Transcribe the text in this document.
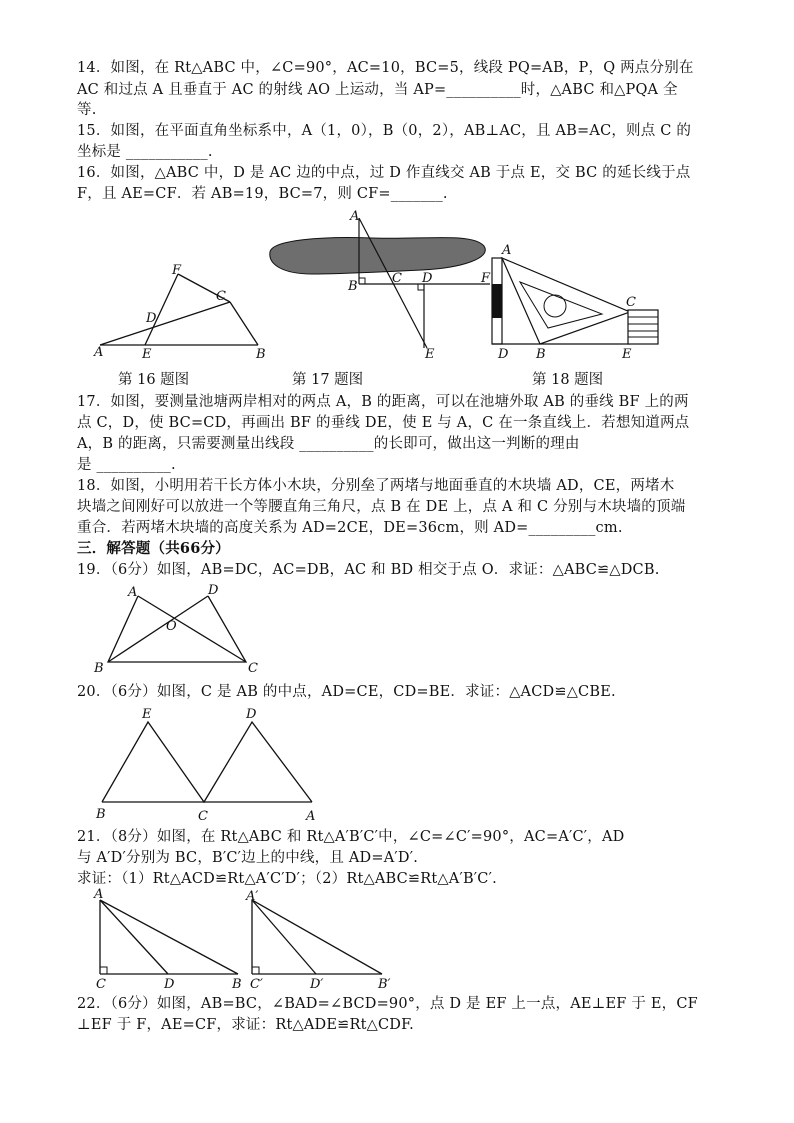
14．如图，在 Rt△ABC 中，∠C=90°，AC=10，BC=5，线段 PQ=AB，P，Q 两点分别在
AC 和过点 A 且垂直于 AC 的射线 AO 上运动，当 AP=__________时，△ABC 和△PQA 全
等.
15．如图，在平面直角坐标系中，A（1，0），B（0，2），AB⊥AC，且 AB=AC，则点 C 的
坐标是 ___________.
16．如图，△ABC 中，D 是 AC 边的中点，过 D 作直线交 AB 于点 E，交 BC 的延长线于点
F，且 AE=CF．若 AB=19，BC=7，则 CF=_______.
F
C
D
A	E	B
A
B
C D	F
E
A
C
D B	E
第 16 题图	第 17 题图	第 18 题图
17．如图，要测量池塘两岸相对的两点 A，B 的距离，可以在池塘外取 AB 的垂线 BF 上的两
点 C，D，使 BC=CD，再画出 BF 的垂线 DE，使 E 与 A，C 在一条直线上．若想知道两点
A，B 的距离，只需要测量出线段 __________的长即可，做出这一判断的理由
是 __________.
18．如图，小明用若干长方体小木块，分别垒了两堵与地面垂直的木块墙 AD，CE，两堵木
块墙之间刚好可以放进一个等腰直角三角尺，点 B 在 DE 上，点 A 和 C 分别与木块墙的顶端
重合．若两堵木块墙的高度关系为 AD=2CE，DE=36cm，则 AD=_________cm.
三．解答题（共66分）
19．（6分）如图，AB=DC，AC=DB，AC 和 BD 相交于点 O．求证：△ABC≌△DCB.
A	D
O
B	C
20．（6分）如图，C 是 AB 的中点，AD=CE，CD=BE．求证：△ACD≌△CBE.
E	D
B	C	A
21．（8分）如图，在 Rt△ABC 和 Rt△A′B′C′中，∠C=∠C′=90°，AC=A′C′，AD
与 A′D′分别为 BC，B′C′边上的中线，且 AD=A′D′.
求证：（1）Rt△ACD≌Rt△A′C′D′；（2）Rt△ABC≌Rt△A′B′C′.
A
C	D	B
A′
C′	D′	B′
22．（6分）如图，AB=BC，∠BAD=∠BCD=90°，点 D 是 EF 上一点，AE⊥EF 于 E，CF
⊥EF 于 F，AE=CF，求证：Rt△ADE≌Rt△CDF.
